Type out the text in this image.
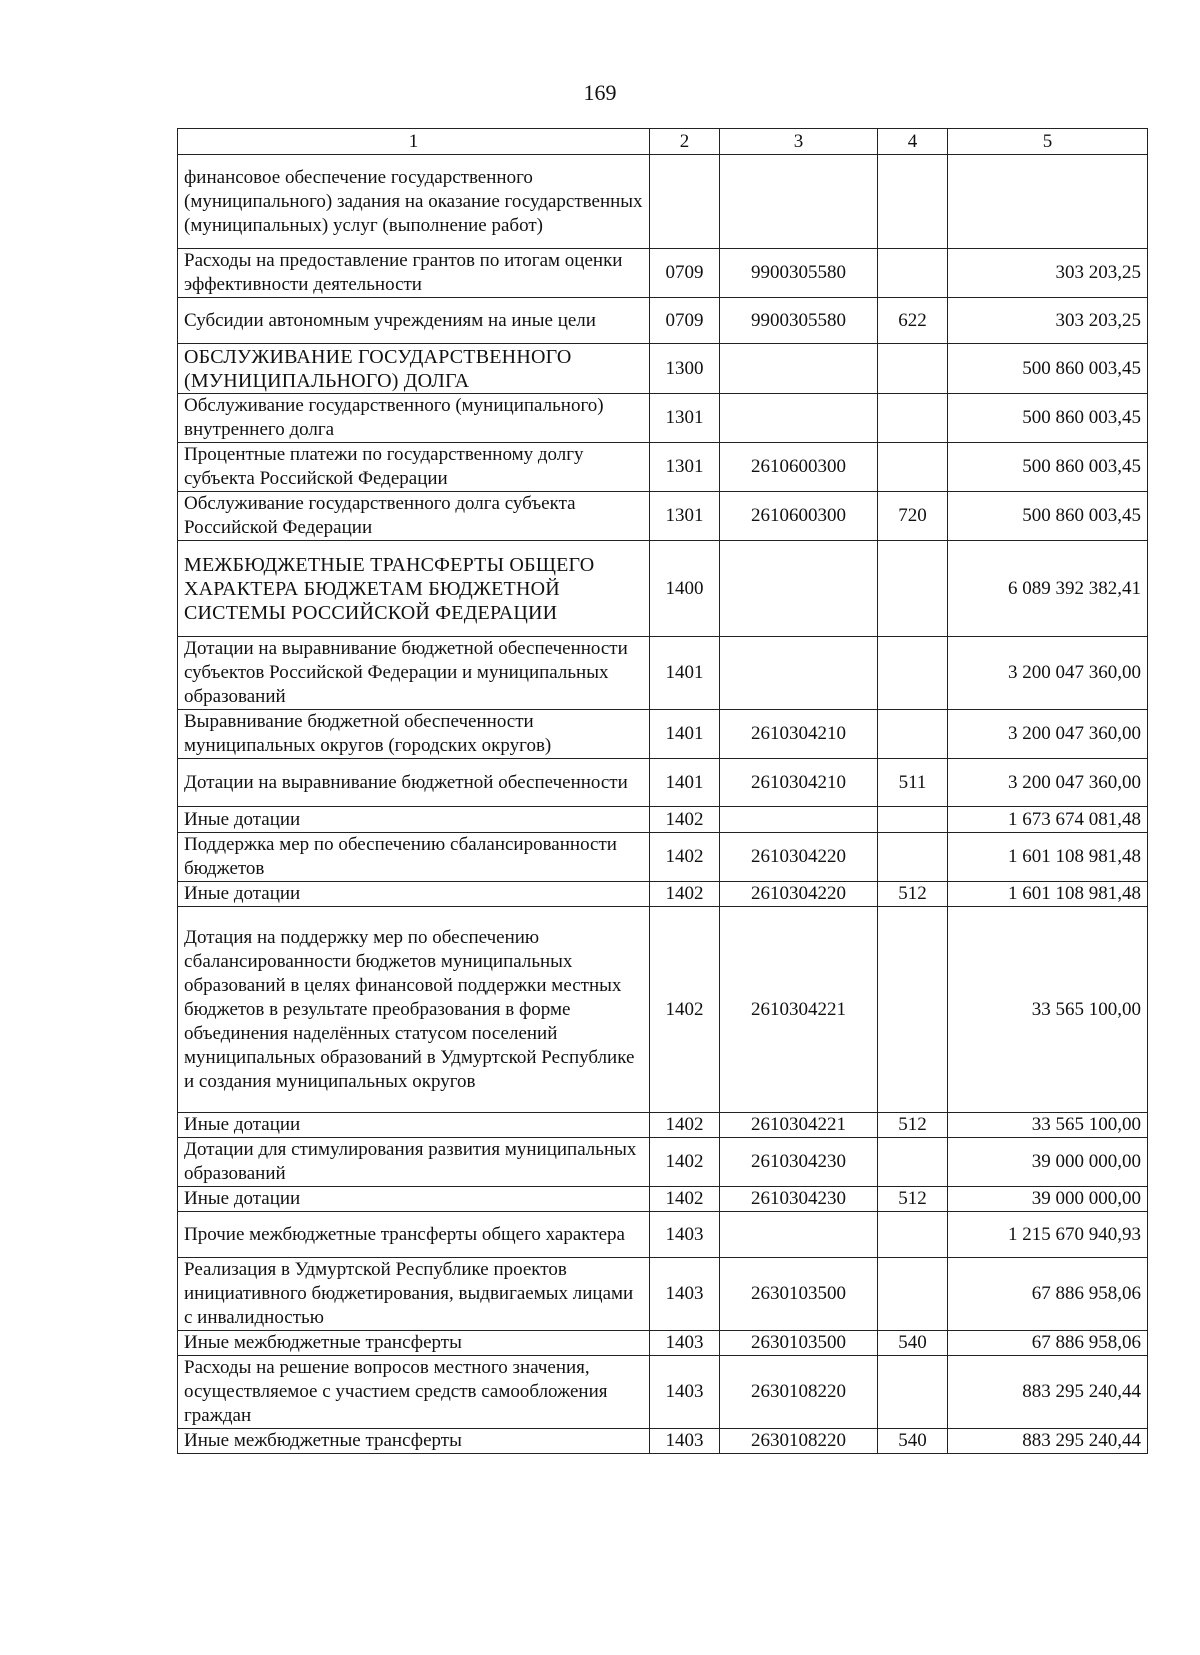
169
1	2	3	4	5
финансовое обеспечение государственного (муниципального) задания на оказание государственных (муниципальных) услуг (выполнение работ)				
Расходы на предоставление грантов по итогам оценки эффективности деятельности	0709	9900305580		303 203,25
Субсидии автономным учреждениям на иные цели	0709	9900305580	622	303 203,25
ОБСЛУЖИВАНИЕ ГОСУДАРСТВЕННОГО (МУНИЦИПАЛЬНОГО) ДОЛГА	1300			500 860 003,45
Обслуживание государственного (муниципального) внутреннего долга	1301			500 860 003,45
Процентные платежи по государственному долгу субъекта Российской Федерации	1301	2610600300		500 860 003,45
Обслуживание государственного долга субъекта Российской Федерации	1301	2610600300	720	500 860 003,45
МЕЖБЮДЖЕТНЫЕ ТРАНСФЕРТЫ ОБЩЕГО ХАРАКТЕРА БЮДЖЕТАМ БЮДЖЕТНОЙ СИСТЕМЫ РОССИЙСКОЙ ФЕДЕРАЦИИ	1400			6 089 392 382,41
Дотации на выравнивание бюджетной обеспеченности субъектов Российской Федерации и муниципальных образований	1401			3 200 047 360,00
Выравнивание бюджетной обеспеченности муниципальных округов (городских округов)	1401	2610304210		3 200 047 360,00
Дотации на выравнивание бюджетной обеспеченности	1401	2610304210	511	3 200 047 360,00
Иные дотации	1402			1 673 674 081,48
Поддержка мер по обеспечению сбалансированности бюджетов	1402	2610304220		1 601 108 981,48
Иные дотации	1402	2610304220	512	1 601 108 981,48
Дотация на поддержку мер по обеспечению сбалансированности бюджетов муниципальных образований в целях финансовой поддержки местных бюджетов в результате преобразования в форме объединения наделённых статусом поселений муниципальных образований в Удмуртской Республике и создания муниципальных округов	1402	2610304221		33 565 100,00
Иные дотации	1402	2610304221	512	33 565 100,00
Дотации для стимулирования развития муниципальных образований	1402	2610304230		39 000 000,00
Иные дотации	1402	2610304230	512	39 000 000,00
Прочие межбюджетные трансферты общего характера	1403			1 215 670 940,93
Реализация в Удмуртской Республике проектов инициативного бюджетирования, выдвигаемых лицами с инвалидностью	1403	2630103500		67 886 958,06
Иные межбюджетные трансферты	1403	2630103500	540	67 886 958,06
Расходы на решение вопросов местного значения, осуществляемое с участием средств самообложения граждан	1403	2630108220		883 295 240,44
Иные межбюджетные трансферты	1403	2630108220	540	883 295 240,44
